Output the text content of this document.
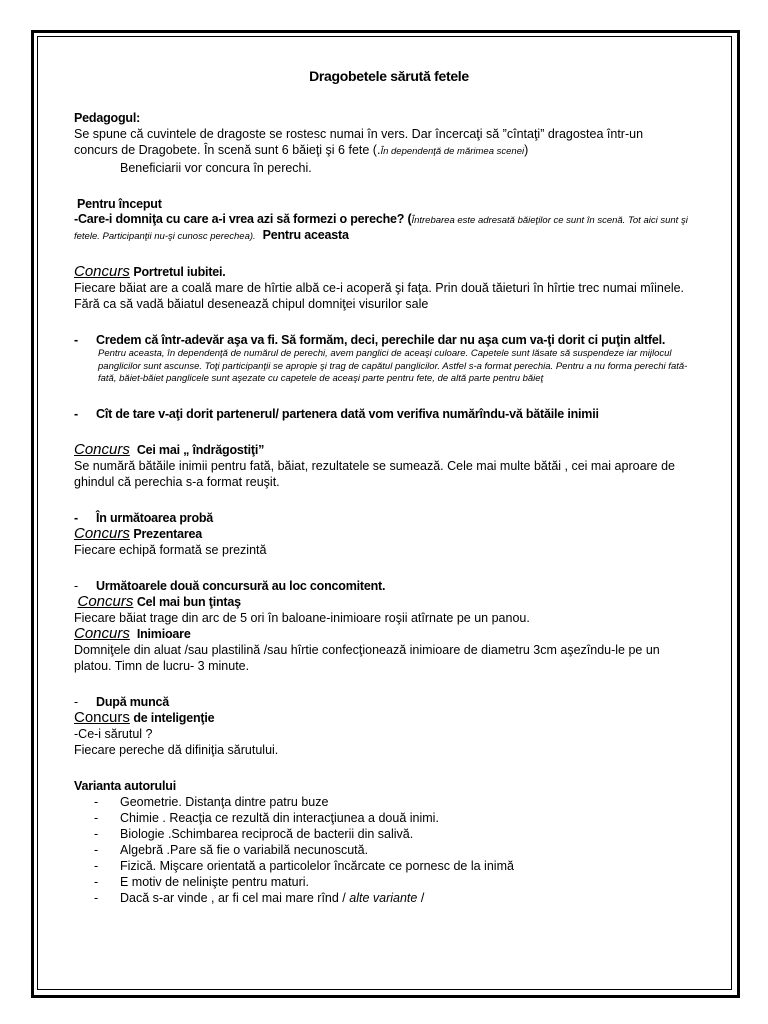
Dragobetele sărută fetele

Pedagogul:

Se spune că cuvintele de dragoste se rostesc numai în vers. Dar încercaţi să ”cîntaţi” dragostea într-un

concurs de Dragobete. În scenă sunt 6 băieţi şi 6 fete (.În dependenţă de mărimea scenei)

Beneficiarii vor concura în perechi.

Pentru început

-Care-i domniţa cu care a-i vrea azi să formezi o pereche? (Întrebarea este adresată băieţilor ce sunt în scenă. Tot aici sunt şi fetele. Participanţii nu-şi cunosc perechea). Pentru aceasta

Concurs Portretul iubitei.

Fiecare băiat are a coală mare de hîrtie albă ce-i acoperă şi faţa. Prin două tăieturi în hîrtie trec numai mîinele.

Fără ca să vadă băiatul desenează chipul domniţei visurilor sale

- Credem că într-adevăr aşa va fi. Să formăm, deci, perechile dar nu aşa cum va-ţi dorit ci puţin altfel.

Pentru aceasta, în dependenţă de numărul de perechi, avem panglici de aceaşi culoare. Capetele sunt lăsate să suspendeze iar mijlocul panglicilor sunt ascunse. Toţi participanţii se apropie şi trag de capătul panglicilor. Astfel s-a format perechia. Pentru a nu forma perechi fată-fată, băiet-băiet panglicele sunt aşezate cu capetele de aceaşi parte pentru fete, de altă parte pentru băieţ

- Cît de tare v-aţi dorit partenerul/ partenera dată vom verifiva numărîndu-vă bătăile inimii

Concurs Cei mai „ îndrăgostiţi”

Se numără bătăile inimii pentru fată, băiat, rezultatele se sumează. Cele mai multe bătăi , cei mai aproare de

ghindul că perechia s-a format reuşit.

- În următoarea probă

Concurs Prezentarea

Fiecare echipă formată se prezintă

- Următoarele două concursură au loc concomitent.

Concurs Cel mai bun ţintaş

Fiecare băiat trage din arc de 5 ori în baloane-inimioare roşii atîrnate pe un panou.

Concurs Inimioare

Domniţele din aluat /sau plastilină /sau hîrtie confecţionează inimioare de diametru 3cm aşezîndu-le pe un

platou. Timn de lucru- 3 minute.

- După muncă

Concurs de inteligenţie

-Ce-i sărutul ?

Fiecare pereche dă difiniţia sărutului.

Varianta autorului

- Geometrie. Distanţa dintre patru buze
- Chimie . Reacţia ce rezultă din interacţiunea a două inimi.
- Biologie .Schimbarea reciprocă de bacterii din salivă.
- Algebră .Pare să fie o variabilă necunoscută.
- Fizică. Mişcare orientată a particolelor încărcate ce pornesc de la inimă
- E motiv de nelinişte pentru maturi.
- Dacă s-ar vinde , ar fi cel mai mare rînd / alte variante /
